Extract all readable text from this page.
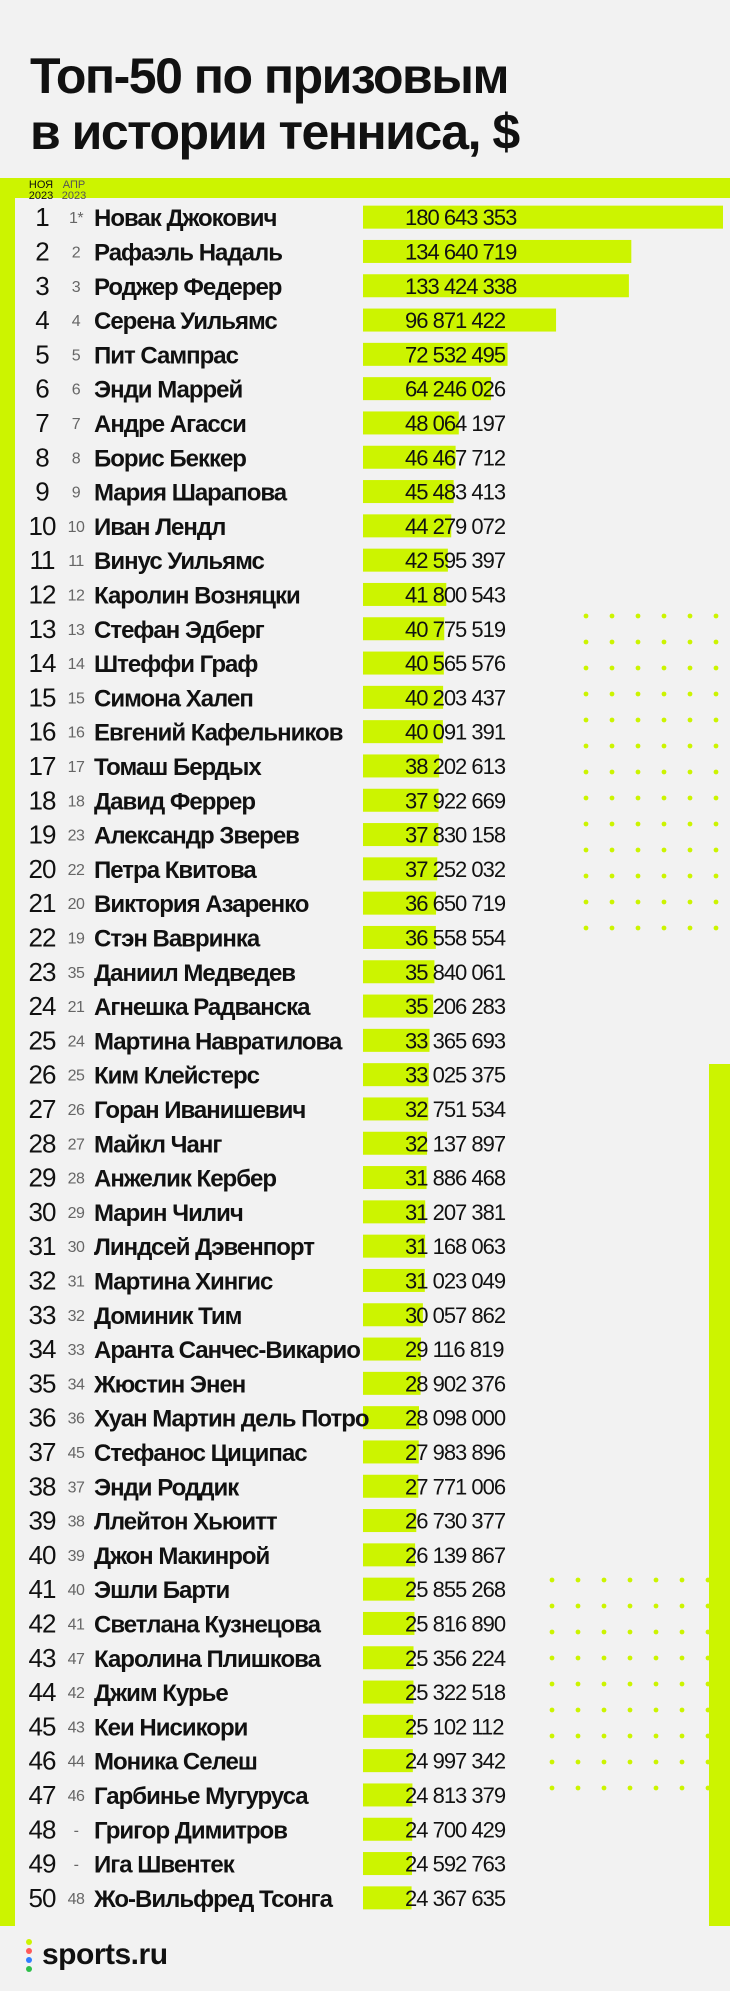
Топ-50 по призовым
в истории тенниса, $
НОЯ
2023
АПР
2023
1 1* Новак Джокович	180 643 353
2 2 Рафаэль Надаль	134 640 719
3 3 Роджер Федерер	133 424 338
4 4 Серена Уильямс	96 871 422
5 5 Пит Сампрас	72 532 495
6 6 Энди Маррей	64 246 026
7 7 Андре Агасси	48 064 197
8 8 Борис Беккер	46 467 712
9 9 Мария Шарапова	45 483 413
10 10 Иван Лендл	44 279 072
11 11 Винус Уильямс	42 595 397
12 12 Каролин Возняцки	41 800 543
13 13 Стефан Эдберг	40 775 519
14 14 Штеффи Граф	40 565 576
15 15 Симона Халеп	40 203 437
16 16 Евгений Кафельников	40 091 391
17 17 Томаш Бердых	38 202 613
18 18 Давид Феррер	37 922 669
19 23 Александр Зверев	37 830 158
20 22 Петра Квитова	37 252 032
21 20 Виктория Азаренко	36 650 719
22 19 Стэн Вавринка	36 558 554
23 35 Даниил Медведев	35 840 061
24 21 Агнешка Радванска	35 206 283
25 24 Мартина Навратилова	33 365 693
26 25 Ким Клейстерс	33 025 375
27 26 Горан Иванишевич	32 751 534
28 27 Майкл Чанг	32 137 897
29 28 Анжелик Кербер	31 886 468
30 29 Марин Чилич	31 207 381
31 30 Линдсей Дэвенпорт	31 168 063
32 31 Мартина Хингис	31 023 049
33 32 Доминик Тим	30 057 862
34 33 Аранта Санчес-Викарио 29 116 819
35 34 Жюстин Энен	28 902 376
36 36 Хуан Мартин дель Потро 28 098 000
37 45 Стефанос Циципас	27 983 896
38 37 Энди Роддик	27 771 006
39 38 Ллейтон Хьюитт	26 730 377
40 39 Джон Макинрой	26 139 867
41 40 Эшли Барти	25 855 268
42 41 Светлана Кузнецова	25 816 890
43 47 Каролина Плишкова	25 356 224
44 42 Джим Курье	25 322 518
45 43 Кеи Нисикори	25 102 112
46 44 Моника Селеш	24 997 342
47 46 Гарбинье Мугуруса	24 813 379
48 - Григор Димитров	24 700 429
49 - Ига Швентек	24 592 763
50 48 Жо-Вильфред Тсонга	24 367 635
sports.ru
